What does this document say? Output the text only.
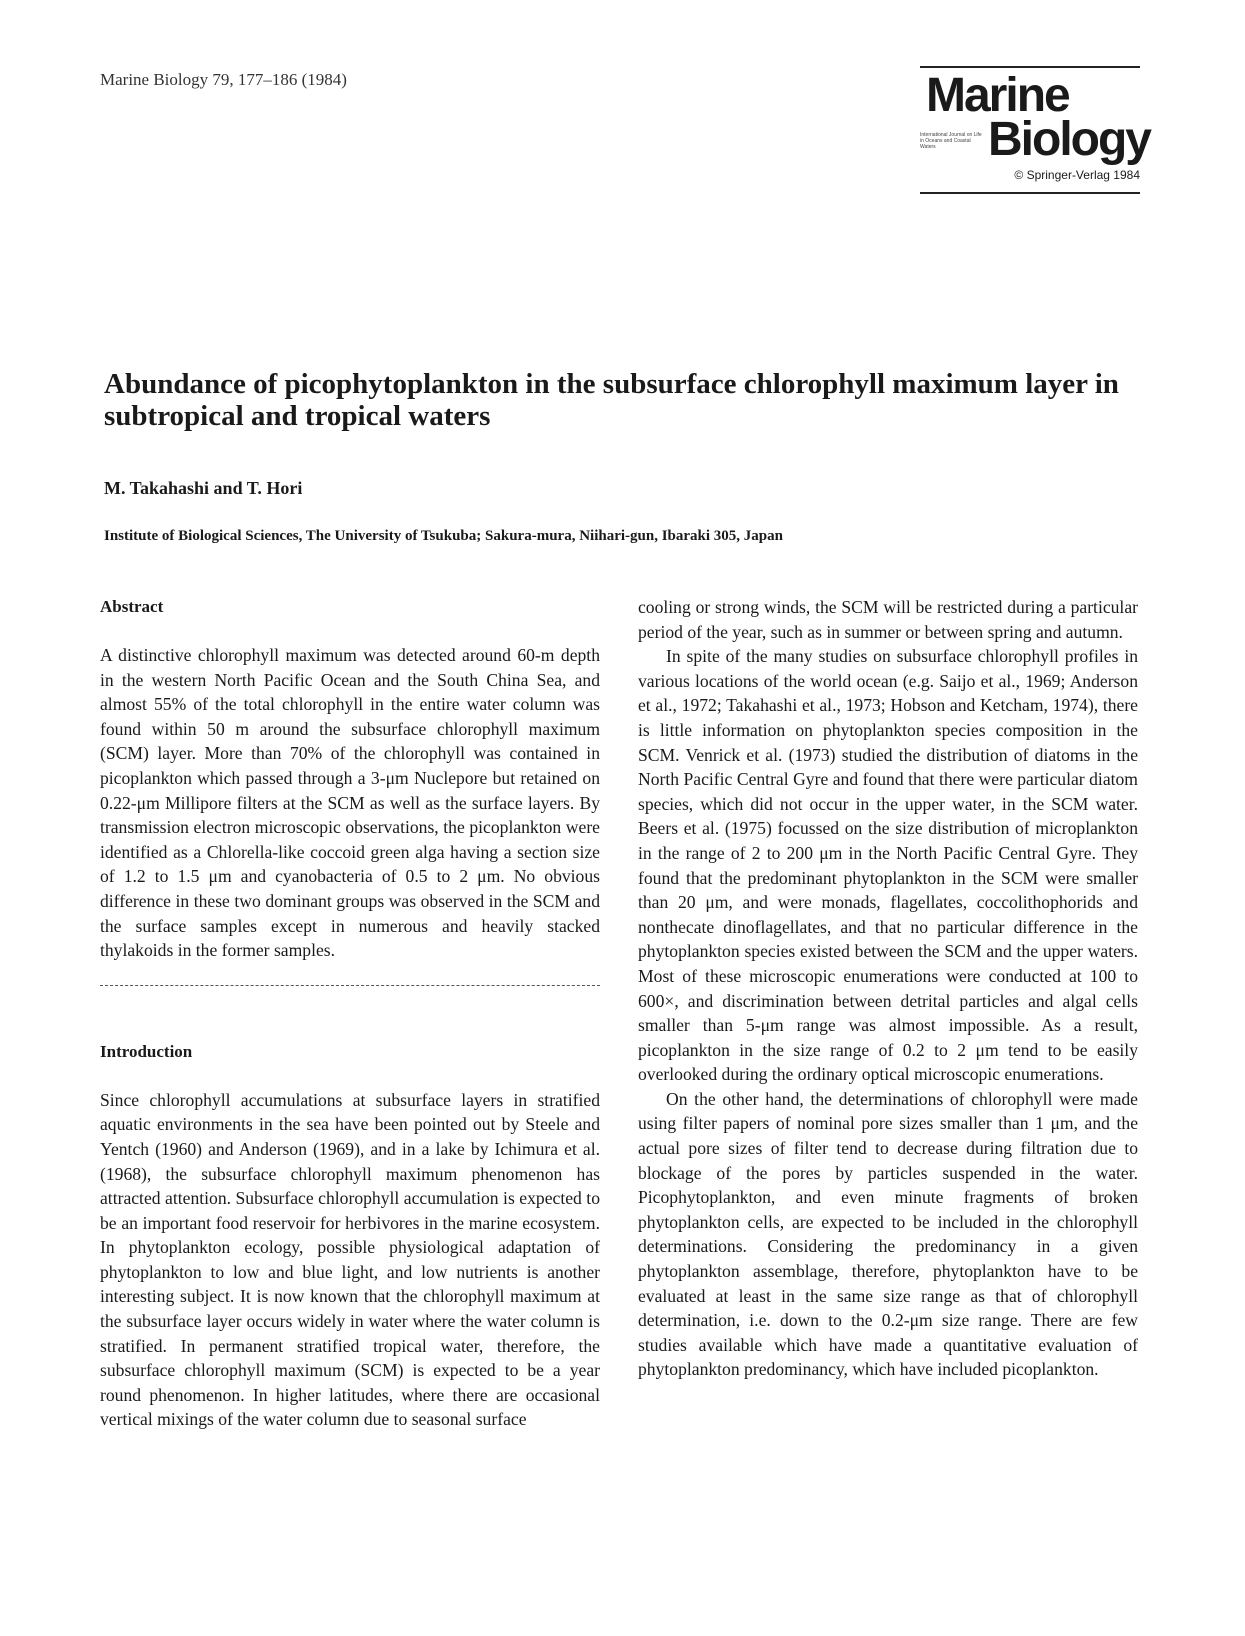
Marine Biology 79, 177–186 (1984)	Marine
International Journal on Life in Oceans and Coastal Waters	Biology
© Springer-Verlag 1984
Abundance of picophytoplankton in the subsurface chlorophyll maximum layer in subtropical and tropical waters
M. Takahashi and T. Hori
Institute of Biological Sciences, The University of Tsukuba; Sakura-mura, Niihari-gun, Ibaraki 305, Japan
Abstract

A distinctive chlorophyll maximum was detected around 60-m depth in the western North Pacific Ocean and the South China Sea, and almost 55% of the total chlorophyll in the entire water column was found within 50 m around the subsurface chlorophyll maximum (SCM) layer. More than 70% of the chlorophyll was contained in picoplankton which passed through a 3-μm Nuclepore but retained on 0.22-μm Millipore filters at the SCM as well as the surface layers. By transmission electron microscopic observations, the picoplankton were identified as a Chlorella-like coccoid green alga having a section size of 1.2 to 1.5 μm and cyanobacteria of 0.5 to 2 μm. No obvious difference in these two dominant groups was observed in the SCM and the surface samples except in numerous and heavily stacked thylakoids in the former samples.

Introduction

Since chlorophyll accumulations at subsurface layers in stratified aquatic environments in the sea have been pointed out by Steele and Yentch (1960) and Anderson (1969), and in a lake by Ichimura et al. (1968), the subsurface chlorophyll maximum phenomenon has attracted attention. Subsurface chlorophyll accumulation is expected to be an important food reservoir for herbivores in the marine ecosystem. In phytoplankton ecology, possible physiological adaptation of phytoplankton to low and blue light, and low nutrients is another interesting subject. It is now known that the chlorophyll maximum at the subsurface layer occurs widely in water where the water column is stratified. In permanent stratified tropical water, therefore, the subsurface chlorophyll maximum (SCM) is expected to be a year round phenomenon. In higher latitudes, where there are occasional vertical mixings of the water column due to seasonal surface

cooling or strong winds, the SCM will be restricted during a particular period of the year, such as in summer or between spring and autumn.

In spite of the many studies on subsurface chlorophyll profiles in various locations of the world ocean (e.g. Saijo et al., 1969; Anderson et al., 1972; Takahashi et al., 1973; Hobson and Ketcham, 1974), there is little information on phytoplankton species composition in the SCM. Venrick et al. (1973) studied the distribution of diatoms in the North Pacific Central Gyre and found that there were particular diatom species, which did not occur in the upper water, in the SCM water. Beers et al. (1975) focussed on the size distribution of microplankton in the range of 2 to 200 μm in the North Pacific Central Gyre. They found that the predominant phytoplankton in the SCM were smaller than 20 μm, and were monads, flagellates, coccolithophorids and nonthecate dinoflagellates, and that no particular difference in the phytoplankton species existed between the SCM and the upper waters. Most of these microscopic enumerations were conducted at 100 to 600×, and discrimination between detrital particles and algal cells smaller than 5-μm range was almost impossible. As a result, picoplankton in the size range of 0.2 to 2 μm tend to be easily overlooked during the ordinary optical microscopic enumerations.

On the other hand, the determinations of chlorophyll were made using filter papers of nominal pore sizes smaller than 1 μm, and the actual pore sizes of filter tend to decrease during filtration due to blockage of the pores by particles suspended in the water. Picophytoplankton, and even minute fragments of broken phytoplankton cells, are expected to be included in the chlorophyll determinations. Considering the predominancy in a given phytoplankton assemblage, therefore, phytoplankton have to be evaluated at least in the same size range as that of chlorophyll determination, i.e. down to the 0.2-μm size range. There are few studies available which have made a quantitative evaluation of phytoplankton predominancy, which have included picoplankton.
